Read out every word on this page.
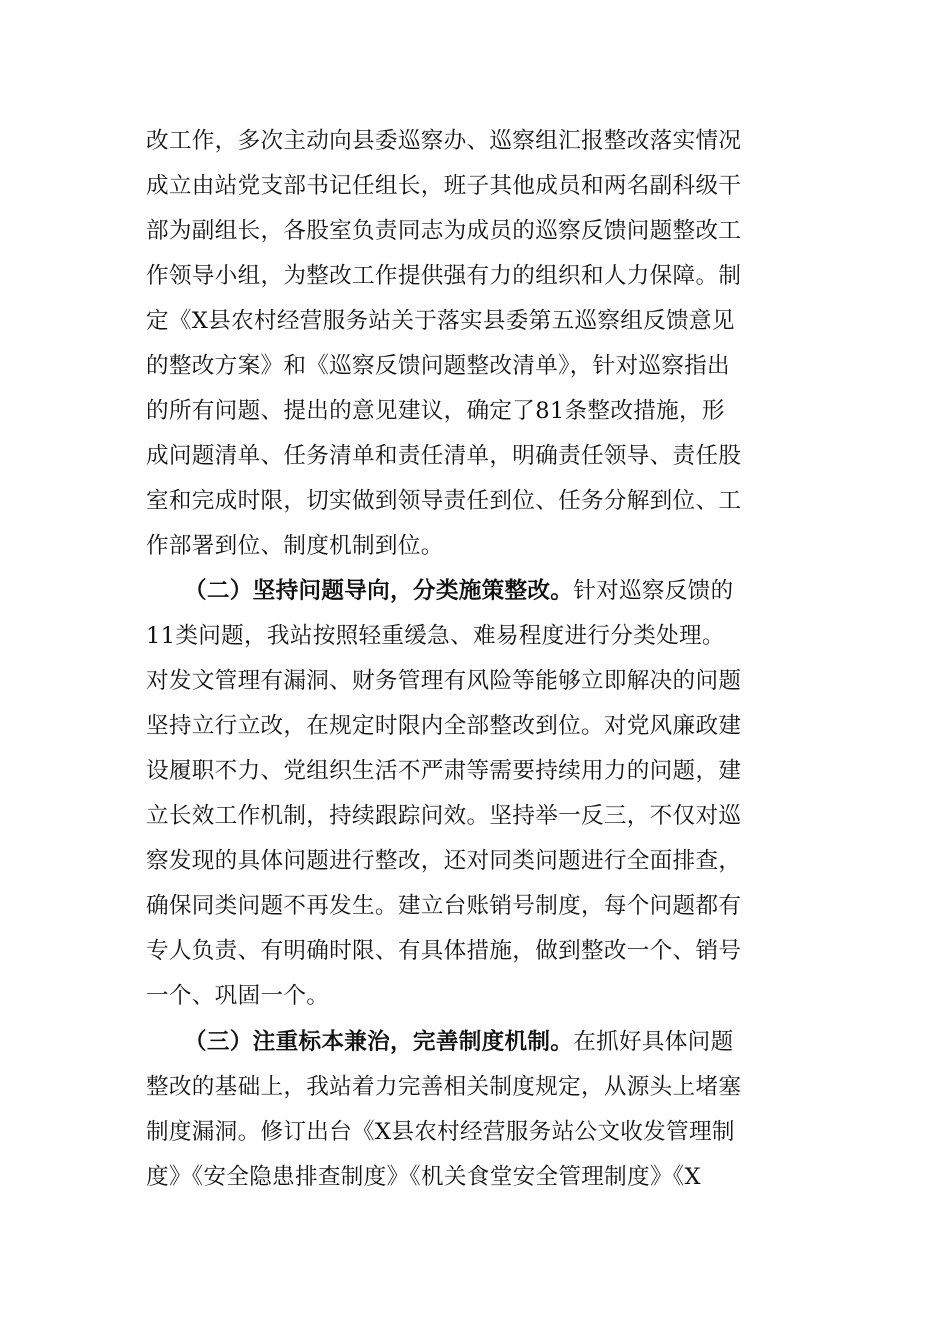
改工作，多次主动向县委巡察办、巡察组汇报整改落实情况
成立由站党支部书记任组长，班子其他成员和两名副科级干
部为副组长，各股室负责同志为成员的巡察反馈问题整改工
作领导小组，为整改工作提供强有力的组织和人力保障。制
定《X县农村经营服务站关于落实县委第五巡察组反馈意见
的整改方案》和《巡察反馈问题整改清单》，针对巡察指出
的所有问题、提出的意见建议，确定了81条整改措施，形
成问题清单、任务清单和责任清单，明确责任领导、责任股
室和完成时限，切实做到领导责任到位、任务分解到位、工
作部署到位、制度机制到位。
（二）坚持问题导向，分类施策整改。针对巡察反馈的
11类问题，我站按照轻重缓急、难易程度进行分类处理。
对发文管理有漏洞、财务管理有风险等能够立即解决的问题
坚持立行立改，在规定时限内全部整改到位。对党风廉政建
设履职不力、党组织生活不严肃等需要持续用力的问题，建
立长效工作机制，持续跟踪问效。坚持举一反三，不仅对巡
察发现的具体问题进行整改，还对同类问题进行全面排查，
确保同类问题不再发生。建立台账销号制度，每个问题都有
专人负责、有明确时限、有具体措施，做到整改一个、销号
一个、巩固一个。
（三）注重标本兼治，完善制度机制。在抓好具体问题
整改的基础上，我站着力完善相关制度规定，从源头上堵塞
制度漏洞。修订出台《X县农村经营服务站公文收发管理制
度》《安全隐患排查制度》《机关食堂安全管理制度》《X
